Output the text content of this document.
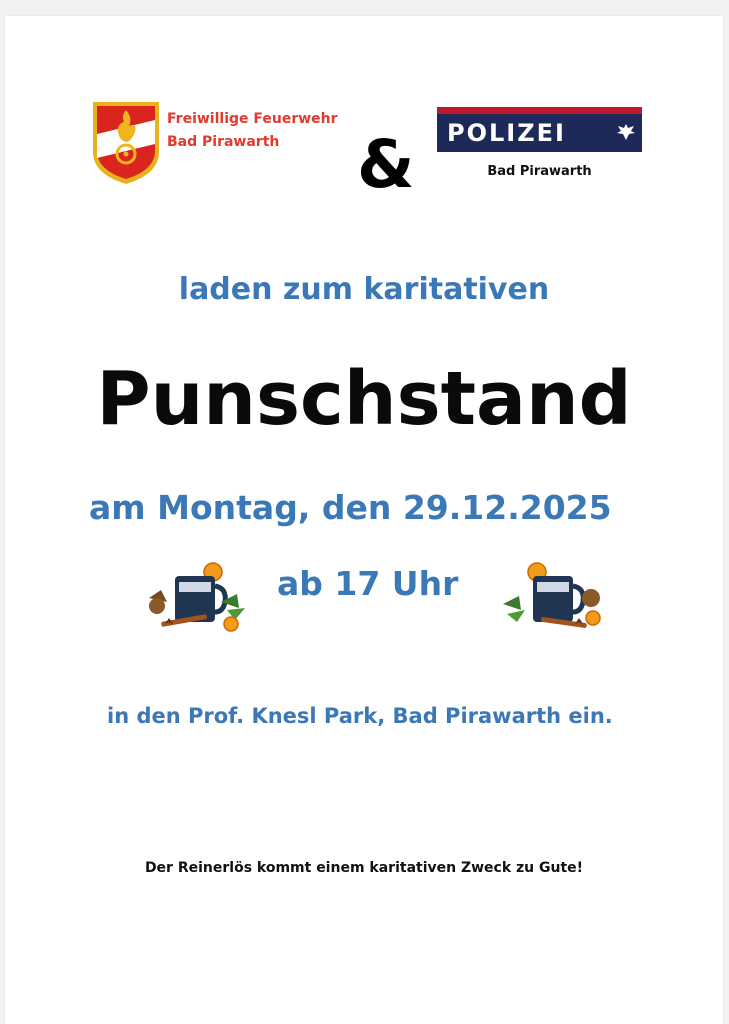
Freiwillige Feuerwehr
Bad Pirawarth	& POLIZEI
Bad Pirawarth
laden zum karitativen
Punschstand
am Montag, den 29.12.2025
ab 17 Uhr
in den Prof. Knesl Park, Bad Pirawarth ein.
Der Reinerlös kommt einem karitativen Zweck zu Gute!
